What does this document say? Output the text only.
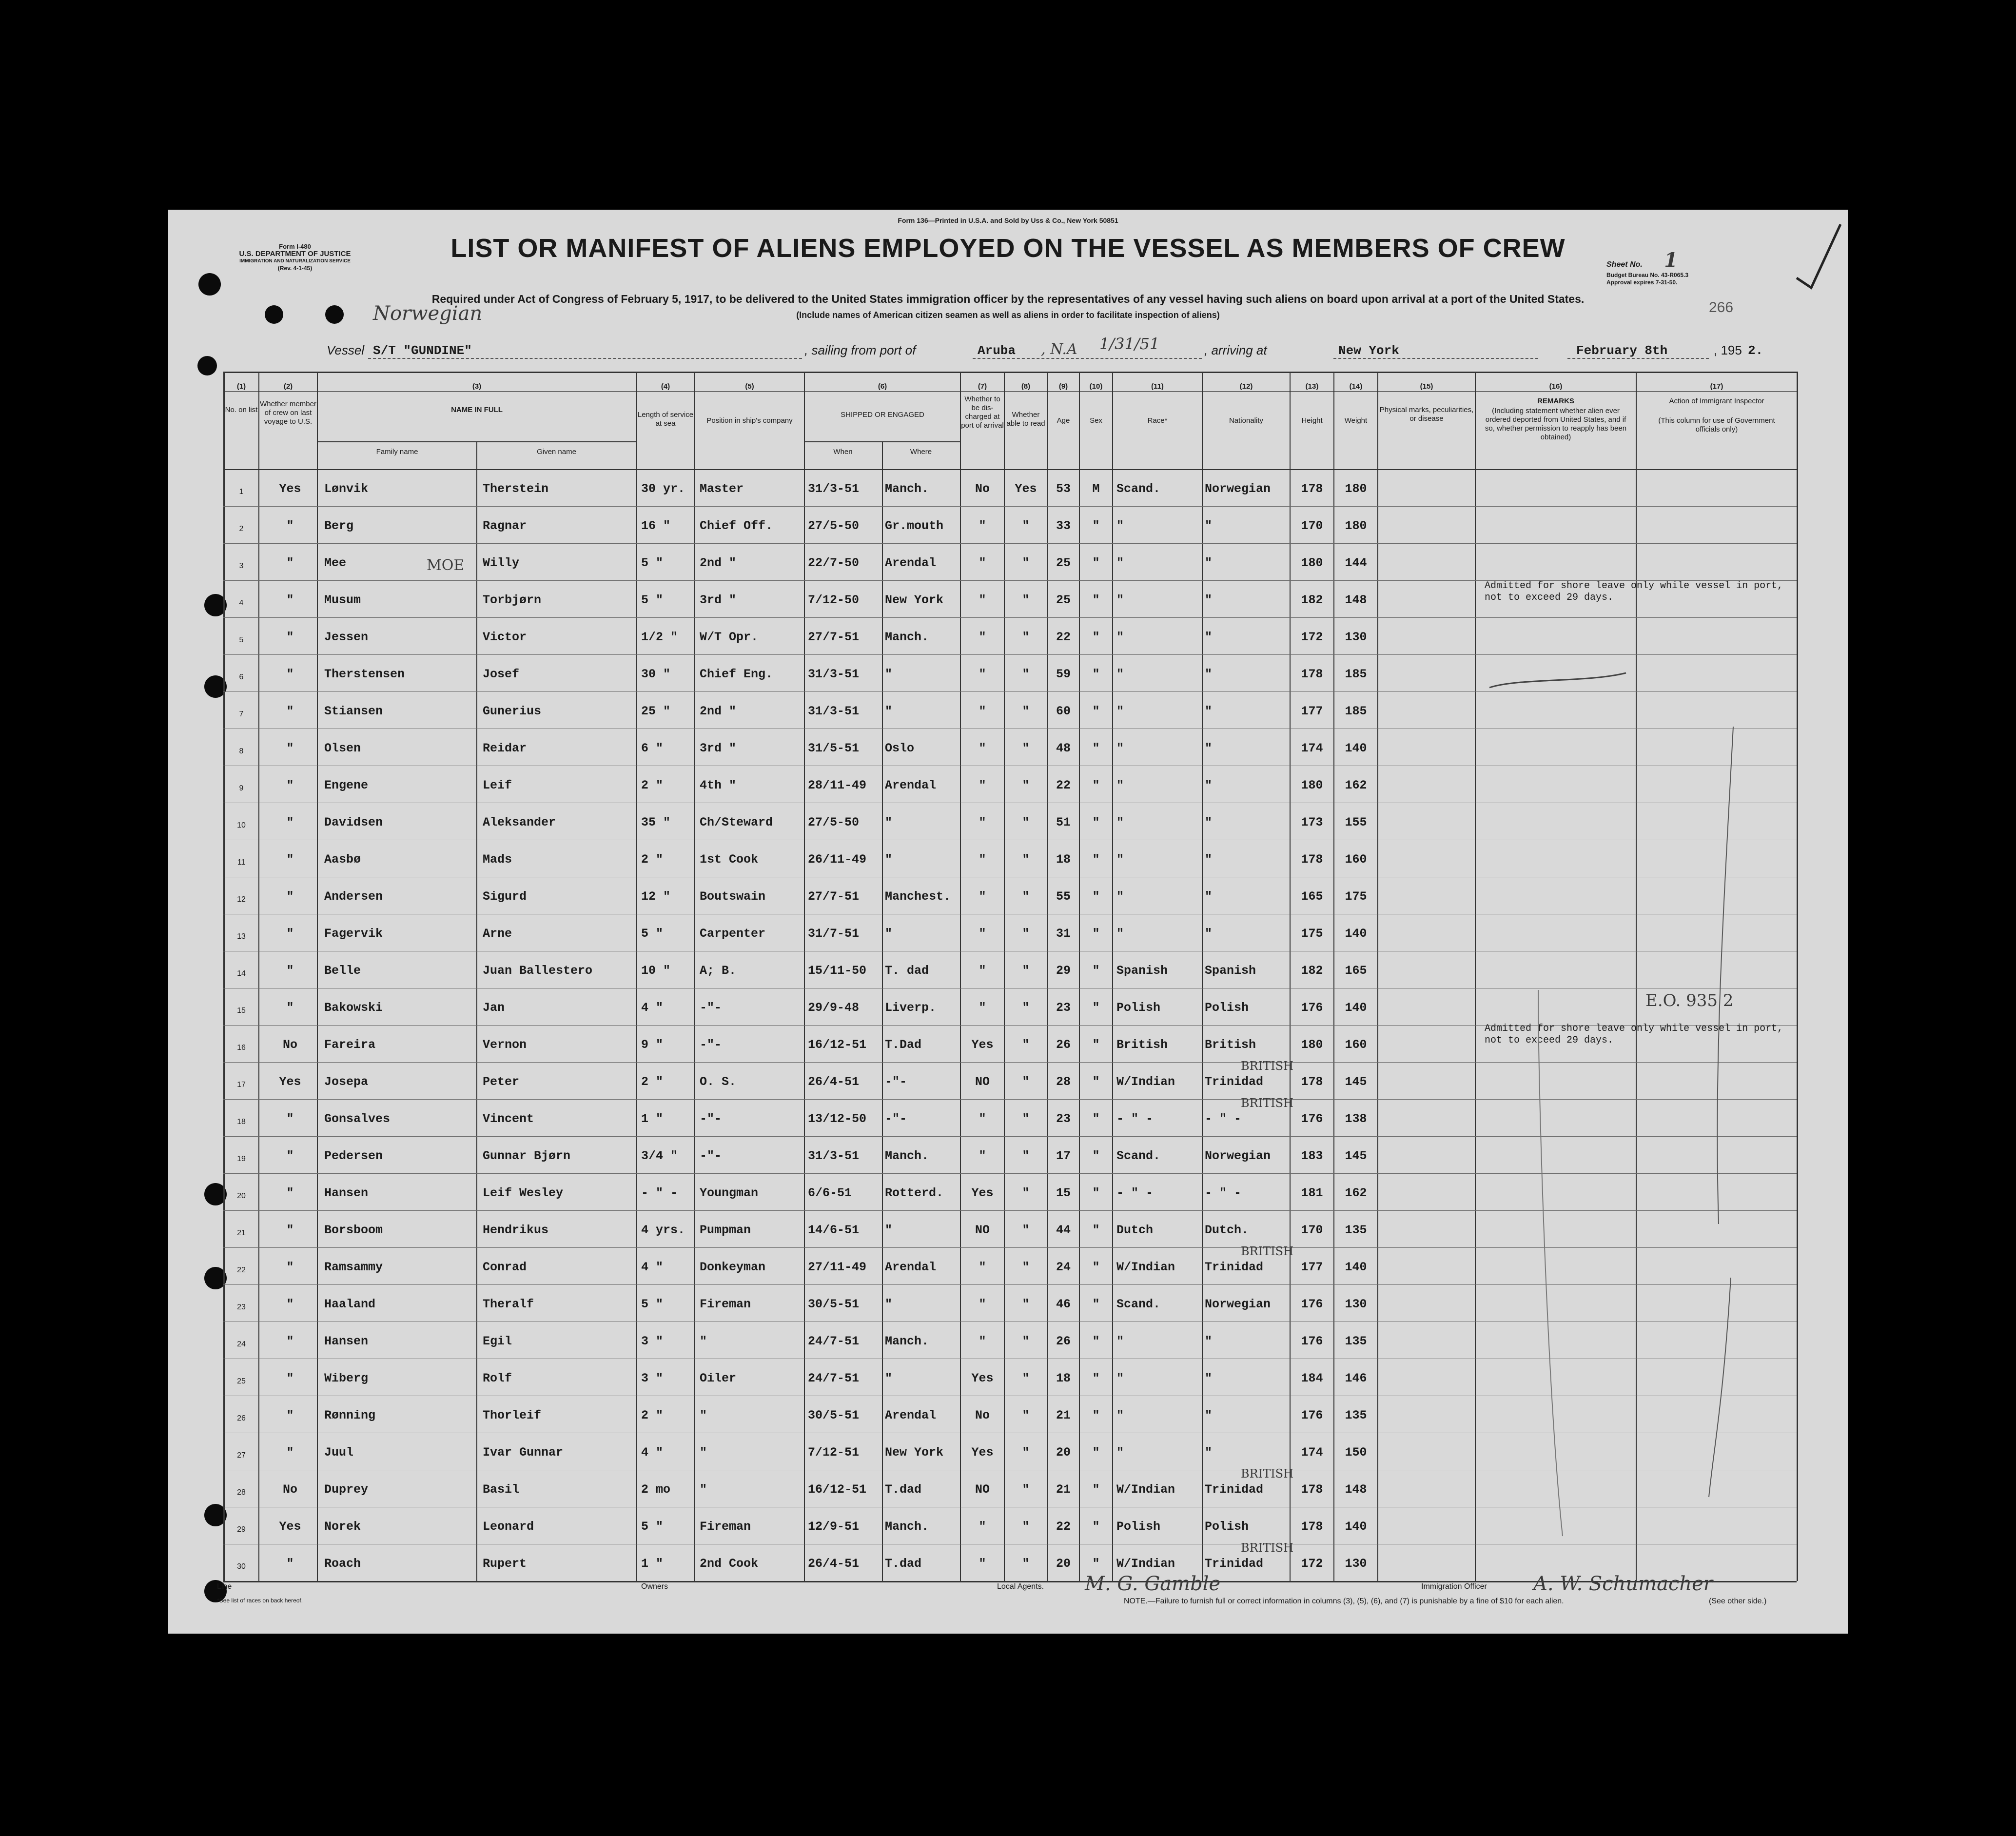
Form I-480
U.S. DEPARTMENT OF JUSTICE
IMMIGRATION AND NATURALIZATION SERVICE
(Rev. 4-1-45)
Form 136—Printed in U.S.A. and Sold by Uss & Co., New York 50851
LIST OR MANIFEST OF ALIENS EMPLOYED ON THE VESSEL AS MEMBERS OF CREW
Sheet No. 1
Budget Bureau No. 43-R065.3
Approval expires 7-31-50.
266
Required under Act of Congress of February 5, 1917, to be delivered to the United States immigration officer by the representatives of any vessel having such aliens on board upon arrival at a port of the United States.
(Include names of American citizen seamen as well as aliens in order to facilitate inspection of aliens)
Norwegian
Vessel S/T "GUNDINE"	, sailing from port of	Aruba , N.A 1/31/51	, arriving at	New York	February 8th	, 195 2.
(1)
No. on list
(2)
Whether member of crew on last voyage to U.S.
(3)
NAME IN FULL
Family name	Given name
(4)
Length of service at sea
(5)
Position in ship's company
(6)
SHIPPED OR ENGAGED
When	Where
(7)
Whether to be dis-charged at port of arrival
(8)
Whether able to read
(9)
Age
(10)
Sex
(11)
Race*
(12)
Nationality
(13)
Height
(14)
Weight
(15)
Physical marks, peculiarities, or disease
(16)
REMARKS
(Including statement whether alien ever ordered deported from United States, and if so, whether permission to reapply has been obtained)
(17)
Action of Immigrant Inspector
(This column for use of Government officials only)
1	Yes	Lønvik	Therstein	30 yr.	Master	31/3-51	Manch.	No	Yes	53	M	Scand.	Norwegian	178	180
2	"	Berg	Ragnar	16 "	Chief Off.	27/5-50	Gr.mouth	"	"	33	"	"	"	170	180
3	"	Mee	Willy	5 "	2nd "	22/7-50	Arendal	"	"	25	"	"	"	180	144
4	"	Musum	Torbjørn	5 "	3rd "	7/12-50	New York	"	"	25	"	"	"	182	148
5	"	Jessen	Victor	1/2 "	W/T Opr.	27/7-51	Manch.	"	"	22	"	"	"	172	130
6	"	Therstensen	Josef	30 "	Chief Eng.	31/3-51	"	"	"	59	"	"	"	178	185
7	"	Stiansen	Gunerius	25 "	2nd "	31/3-51	"	"	"	60	"	"	"	177	185
8	"	Olsen	Reidar	6 "	3rd "	31/5-51	Oslo	"	"	48	"	"	"	174	140
9	"	Engene	Leif	2 "	4th "	28/11-49	Arendal	"	"	22	"	"	"	180	162
10	"	Davidsen	Aleksander	35 "	Ch/Steward	27/5-50	"	"	"	51	"	"	"	173	155
11	"	Aasbø	Mads	2 "	1st Cook	26/11-49	"	"	"	18	"	"	"	178	160
12	"	Andersen	Sigurd	12 "	Boutswain	27/7-51	Manchest.	"	"	55	"	"	"	165	175
13	"	Fagervik	Arne	5 "	Carpenter	31/7-51	"	"	"	31	"	"	"	175	140
14	"	Belle	Juan Ballestero	10 "	A; B.	15/11-50	T. dad	"	"	29	"	Spanish	Spanish	182	165
15	"	Bakowski	Jan	4 "	-"-	29/9-48	Liverp.	"	"	23	"	Polish	Polish	176	140
16	No	Fareira	Vernon	9 "	-"-	16/12-51	T.Dad	Yes	"	26	"	British	British	180	160
17	Yes	Josepa	Peter	2 "	O. S.	26/4-51	-"-	NO	"	28	"	W/Indian	Trinidad	178	145
18	"	Gonsalves	Vincent	1 "	-"-	13/12-50	-"-	"	"	23	"	- " -	- " -	176	138
19	"	Pedersen	Gunnar Bjørn	3/4 "	-"-	31/3-51	Manch.	"	"	17	"	Scand.	Norwegian	183	145
20	"	Hansen	Leif Wesley	- " -	Youngman	6/6-51	Rotterd.	Yes	"	15	"	- " -	- " -	181	162
21	"	Borsboom	Hendrikus	4 yrs.	Pumpman	14/6-51	"	NO	"	44	"	Dutch	Dutch.	170	135
22	"	Ramsammy	Conrad	4 "	Donkeyman	27/11-49	Arendal	"	"	24	"	W/Indian	Trinidad	177	140
23	"	Haaland	Theralf	5 "	Fireman	30/5-51	"	"	"	46	"	Scand.	Norwegian	176	130
24	"	Hansen	Egil	3 "	"	24/7-51	Manch.	"	"	26	"	"	"	176	135
25	"	Wiberg	Rolf	3 "	Oiler	24/7-51	"	Yes	"	18	"	"	"	184	146
26	"	Rønning	Thorleif	2 "	"	30/5-51	Arendal	No	"	21	"	"	"	176	135
27	"	Juul	Ivar Gunnar	4 "	"	7/12-51	New York	Yes	"	20	"	"	"	174	150
28	No	Duprey	Basil	2 mo	"	16/12-51	T.dad	NO	"	21	"	W/Indian	Trinidad	178	148
29	Yes	Norek	Leonard	5 "	Fireman	12/9-51	Manch.	"	"	22	"	Polish	Polish	178	140
30	"	Roach	Rupert	1 "	2nd Cook	26/4-51	T.dad	"	"	20	"	W/Indian	Trinidad	172	130
MOE
Admitted for shore leave only while vessel in port, not to exceed 29 days.
Admitted for shore leave only while vessel in port, not to exceed 29 days.
E.O. 935 2
BRITISH
BRITISH
BRITISH
BRITISH
BRITISH
Line	Owners	Local Agents. M. G. Gamble	Immigration Officer A. W. Schumacher
*See list of races on back hereof.	NOTE.—Failure to furnish full or correct information in columns (3), (5), (6), and (7) is punishable by a fine of $10 for each alien.	(See other side.)
